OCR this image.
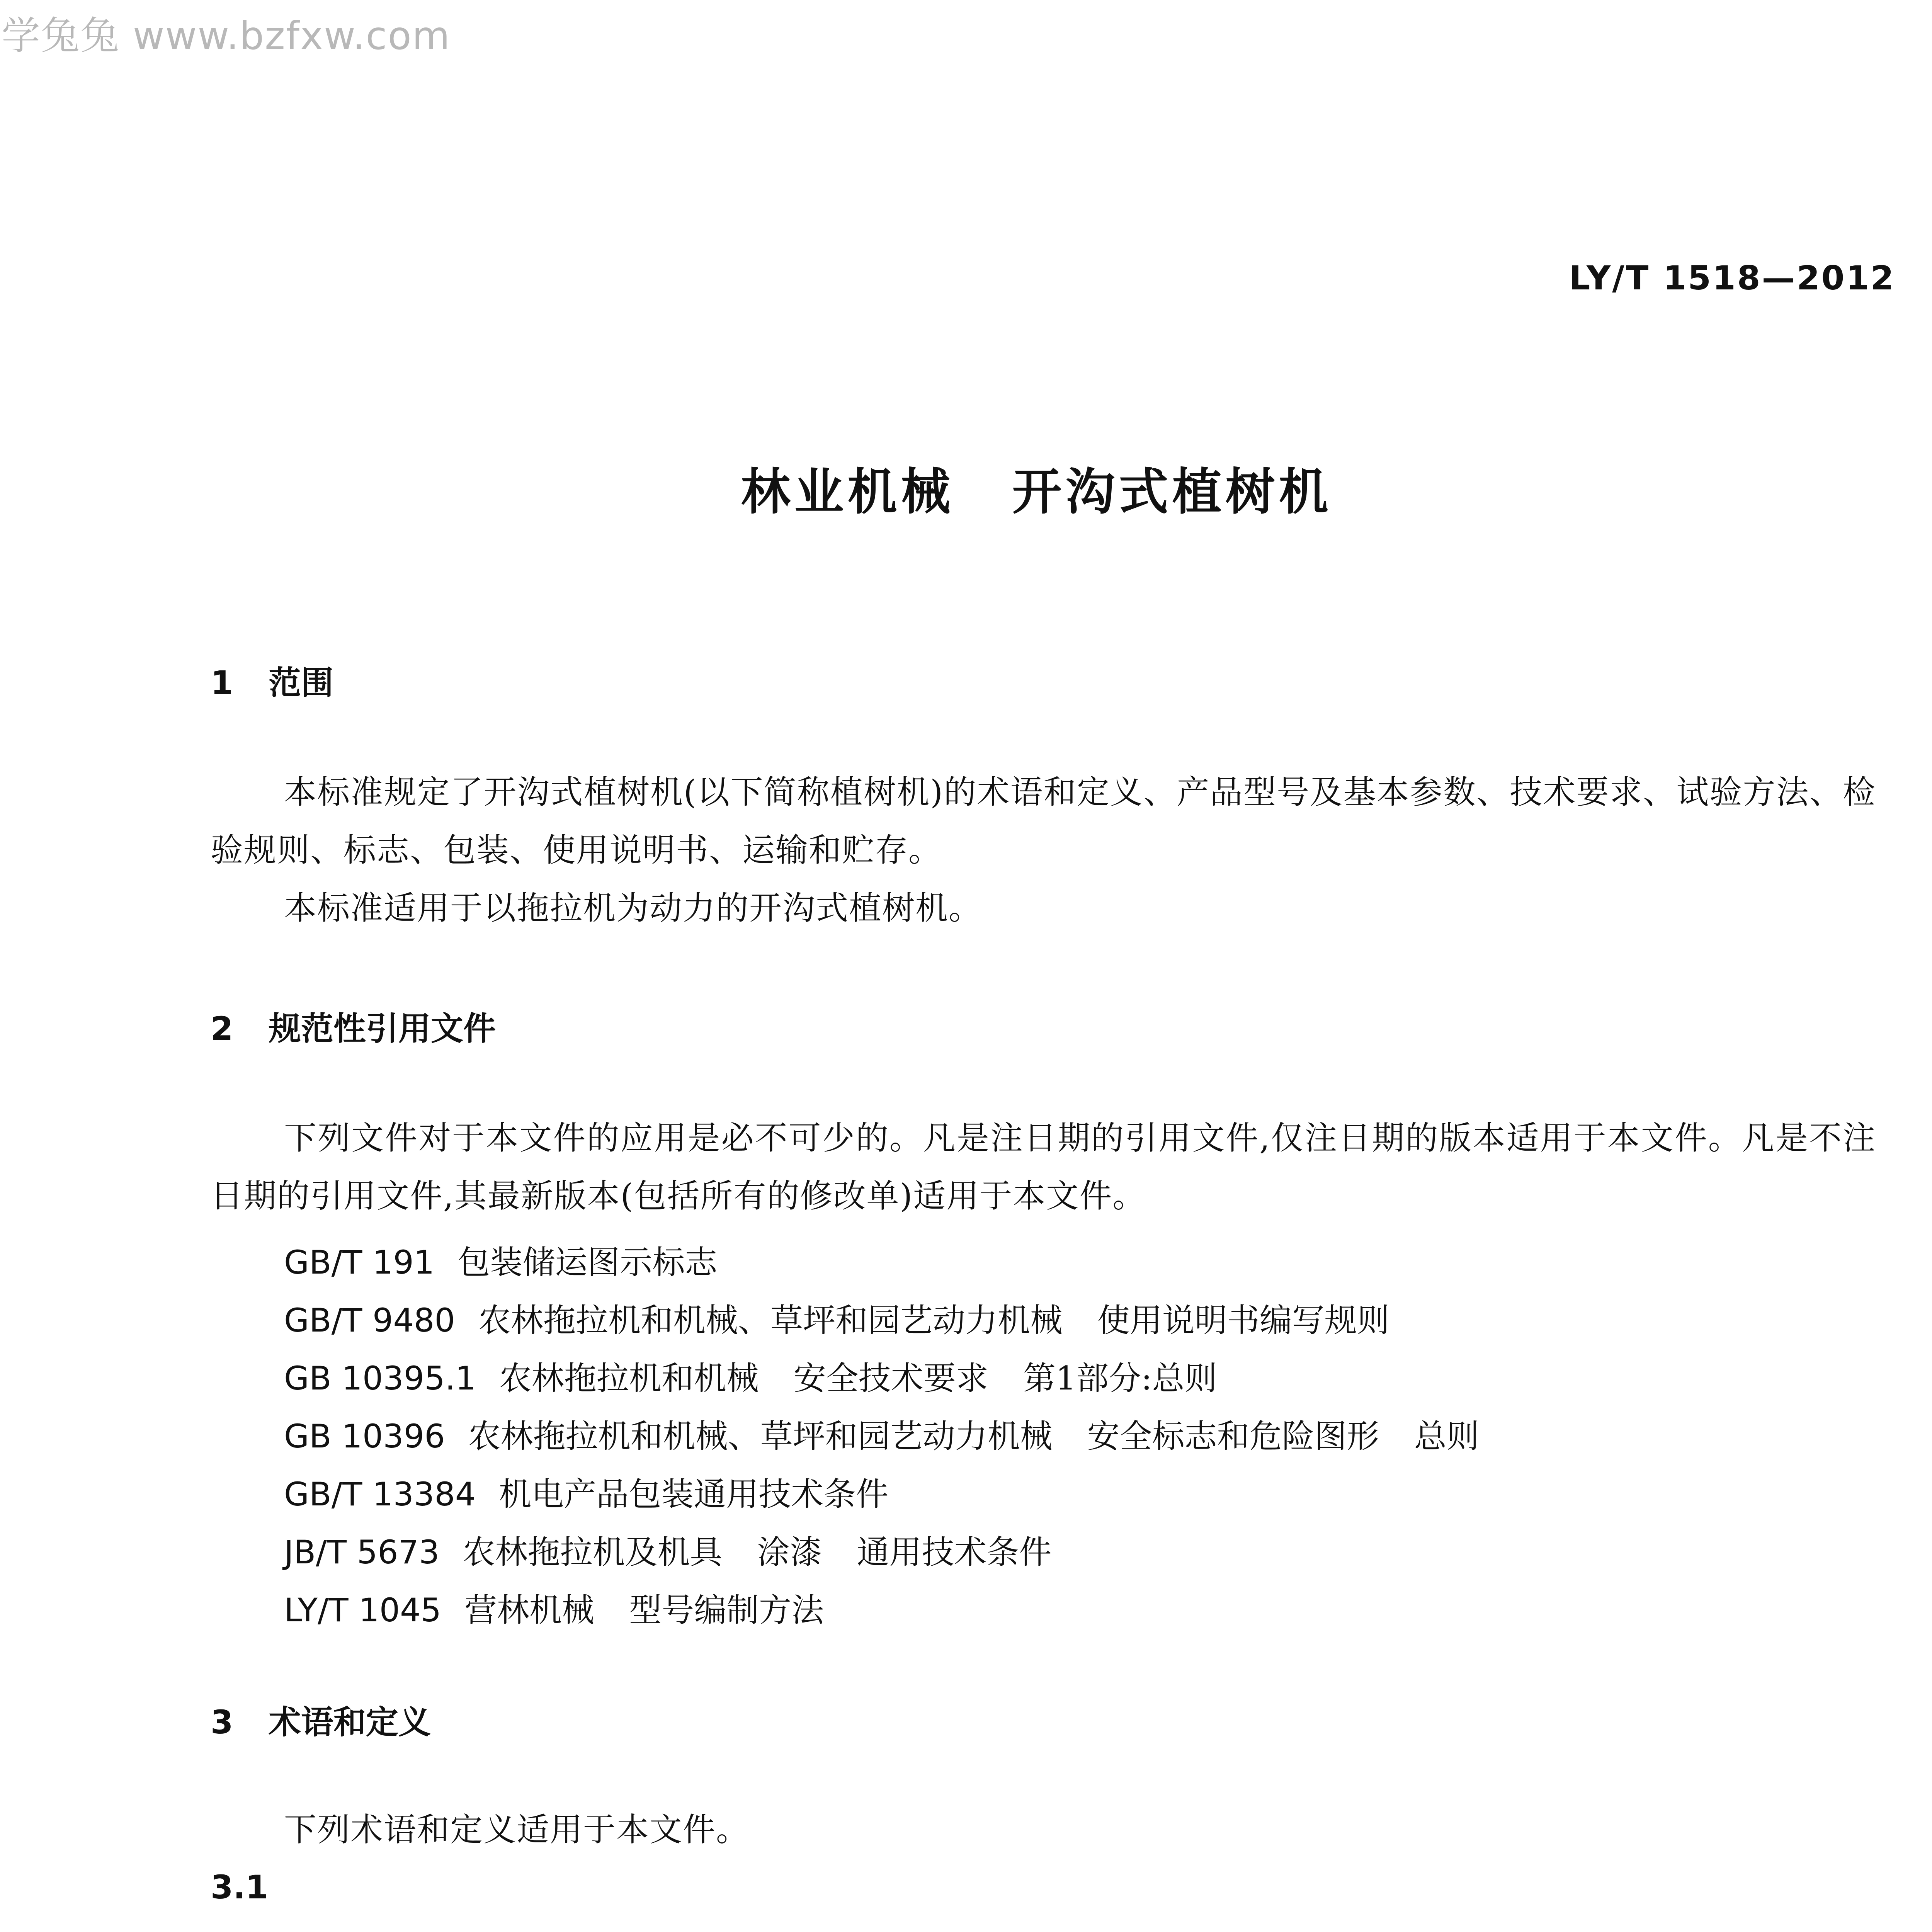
学兔兔 www.bzfxw.com
LY/T 1518—2012
林业机械 开沟式植树机
1 范围
本标准规定了开沟式植树机(以下简称植树机)的术语和定义、产品型号及基本参数、技术要求、试验方法、检验规则、标志、包装、使用说明书、运输和贮存。
本标准适用于以拖拉机为动力的开沟式植树机。
2 规范性引用文件
下列文件对于本文件的应用是必不可少的。凡是注日期的引用文件,仅注日期的版本适用于本文件。凡是不注日期的引用文件,其最新版本(包括所有的修改单)适用于本文件。
GB/T 191 包装储运图示标志
GB/T 9480 农林拖拉机和机械、草坪和园艺动力机械 使用说明书编写规则
GB 10395.1 农林拖拉机和机械 安全技术要求 第1部分:总则
GB 10396 农林拖拉机和机械、草坪和园艺动力机械 安全标志和危险图形 总则
GB/T 13384 机电产品包装通用技术条件
JB/T 5673 农林拖拉机及机具 涂漆 通用技术条件
LY/T 1045 营林机械 型号编制方法
3 术语和定义
下列术语和定义适用于本文件。
3.1
